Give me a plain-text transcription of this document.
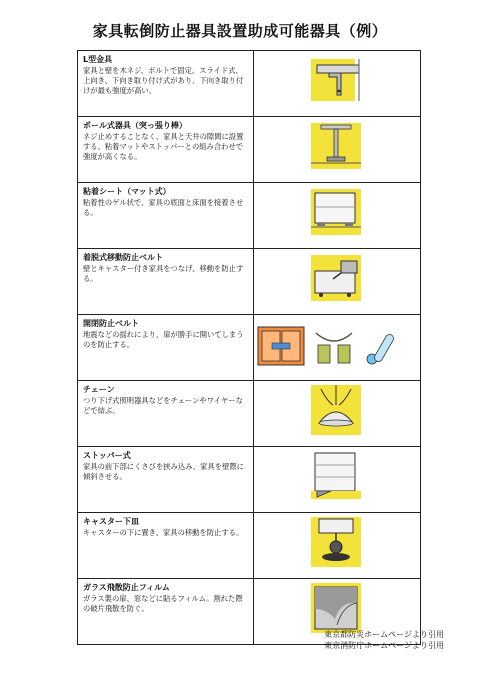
家具転倒防止器具設置助成可能器具（例）
L型金具
家具と壁を木ネジ、ボルトで固定。スライド式、上向き、下向き取り付け式があり、下向き取り付けが最も強度が高い。

ポール式器具（突っ張り棒）
ネジ止めすることなく、家具と天井の隙間に設置する。粘着マットやストッパーとの組み合わせで強度が高くなる。

粘着シート（マット式）
粘着性のゲル状で、家具の底面と床面を接着させる。

着脱式移動防止ベルト
壁とキャスター付き家具をつなげ、移動を防止する。

開閉防止ベルト
地震などの揺れにより、扉が勝手に開いてしまうのを防止する。

チェーン
つり下げ式照明器具などをチェーンやワイヤーなどで結ぶ。

ストッパー式
家具の前下部にくさびを挟み込み、家具を壁際に傾斜させる。

キャスター下皿
キャスターの下に置き、家具の移動を防止する。

ガラス飛散防止フィルム
ガラス製の扉、窓などに貼るフィルム。割れた際の破片飛散を防ぐ。

東京都防災ホームページより引用
東京消防庁ホームページより引用
